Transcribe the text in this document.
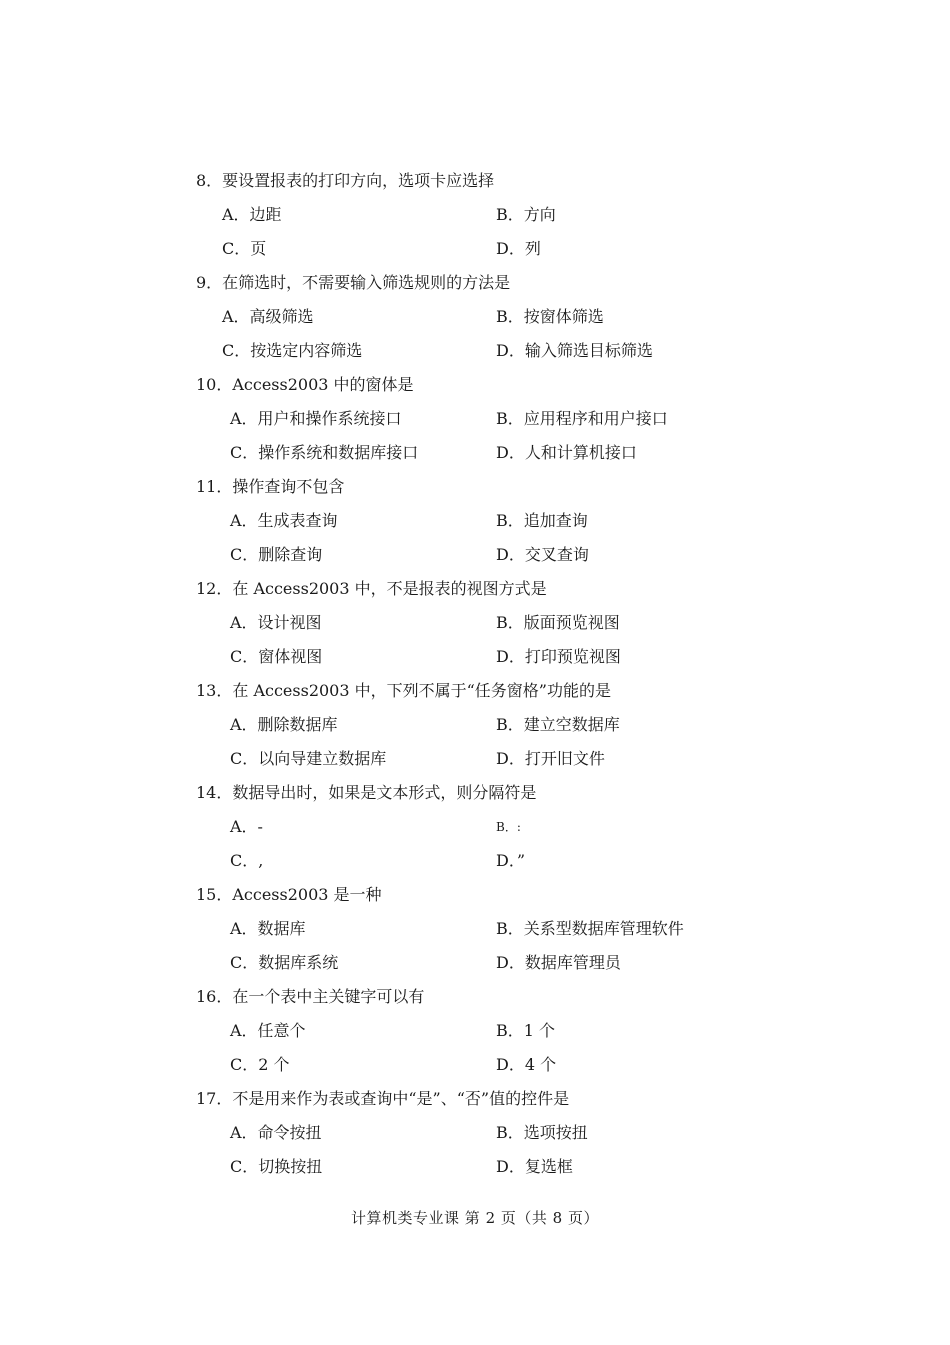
8．要设置报表的打印方向，选项卡应选择
A．边距	B．方向
C．页	D．列
9．在筛选时，不需要输入筛选规则的方法是
A．高级筛选	B．按窗体筛选
C．按选定内容筛选	D．输入筛选目标筛选
10．Access2003 中的窗体是
A．用户和操作系统接口	B．应用程序和用户接口
C．操作系统和数据库接口	D．人和计算机接口
11．操作查询不包含
A．生成表查询	B．追加查询
C．删除查询	D．交叉查询
12．在 Access2003 中，不是报表的视图方式是
A．设计视图	B．版面预览视图
C．窗体视图	D．打印预览视图
13．在 Access2003 中，下列不属于“任务窗格”功能的是
A．删除数据库	B．建立空数据库
C．以向导建立数据库	D．打开旧文件
14．数据导出时，如果是文本形式，则分隔符是
A．-	B．:
C．,	D．”
15．Access2003 是一种
A．数据库	B．关系型数据库管理软件
C．数据库系统	D．数据库管理员
16．在一个表中主关键字可以有
A．任意个	B．1 个
C．2 个	D．4 个
17．不是用来作为表或查询中“是”、“否”值的控件是
A．命令按扭	B．选项按扭
C．切换按扭	D．复选框
计算机类专业课 第 2 页（共 8 页）
